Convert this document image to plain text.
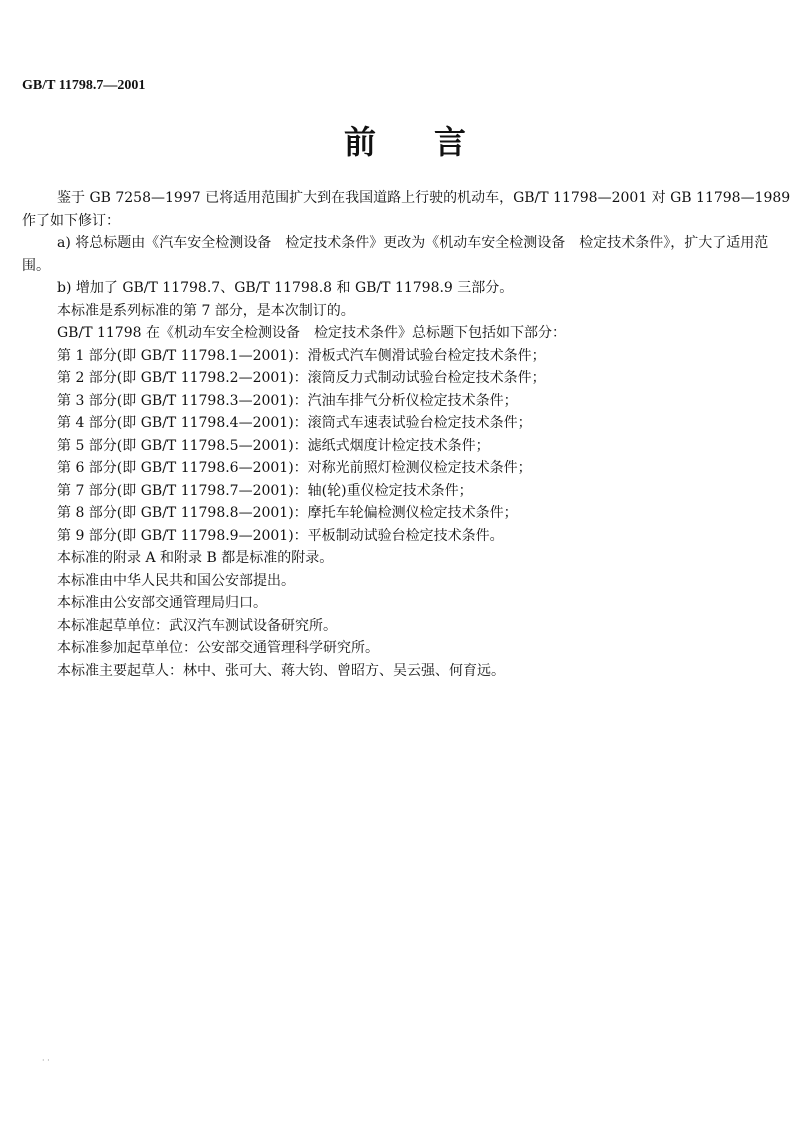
GB/T 11798.7—2001
前言

鉴于 GB 7258—1997 已将适用范围扩大到在我国道路上行驶的机动车，GB/T 11798—2001 对 GB 11798—1989 作了如下修订：

a) 将总标题由《汽车安全检测设备　检定技术条件》更改为《机动车安全检测设备　检定技术条件》，扩大了适用范围。

b) 增加了 GB/T 11798.7、GB/T 11798.8 和 GB/T 11798.9 三部分。

本标准是系列标准的第 7 部分，是本次制订的。

GB/T 11798 在《机动车安全检测设备　检定技术条件》总标题下包括如下部分：

第 1 部分(即 GB/T 11798.1—2001)：滑板式汽车侧滑试验台检定技术条件；

第 2 部分(即 GB/T 11798.2—2001)：滚筒反力式制动试验台检定技术条件；

第 3 部分(即 GB/T 11798.3—2001)：汽油车排气分析仪检定技术条件；

第 4 部分(即 GB/T 11798.4—2001)：滚筒式车速表试验台检定技术条件；

第 5 部分(即 GB/T 11798.5—2001)：滤纸式烟度计检定技术条件；

第 6 部分(即 GB/T 11798.6—2001)：对称光前照灯检测仪检定技术条件；

第 7 部分(即 GB/T 11798.7—2001)：轴(轮)重仪检定技术条件；

第 8 部分(即 GB/T 11798.8—2001)：摩托车轮偏检测仪检定技术条件；

第 9 部分(即 GB/T 11798.9—2001)：平板制动试验台检定技术条件。

本标准的附录 A 和附录 B 都是标准的附录。

本标准由中华人民共和国公安部提出。

本标准由公安部交通管理局归口。

本标准起草单位：武汉汽车测试设备研究所。

本标准参加起草单位：公安部交通管理科学研究所。

本标准主要起草人：林中、张可大、蒋大钧、曾昭方、吴云强、何育远。

· ·
